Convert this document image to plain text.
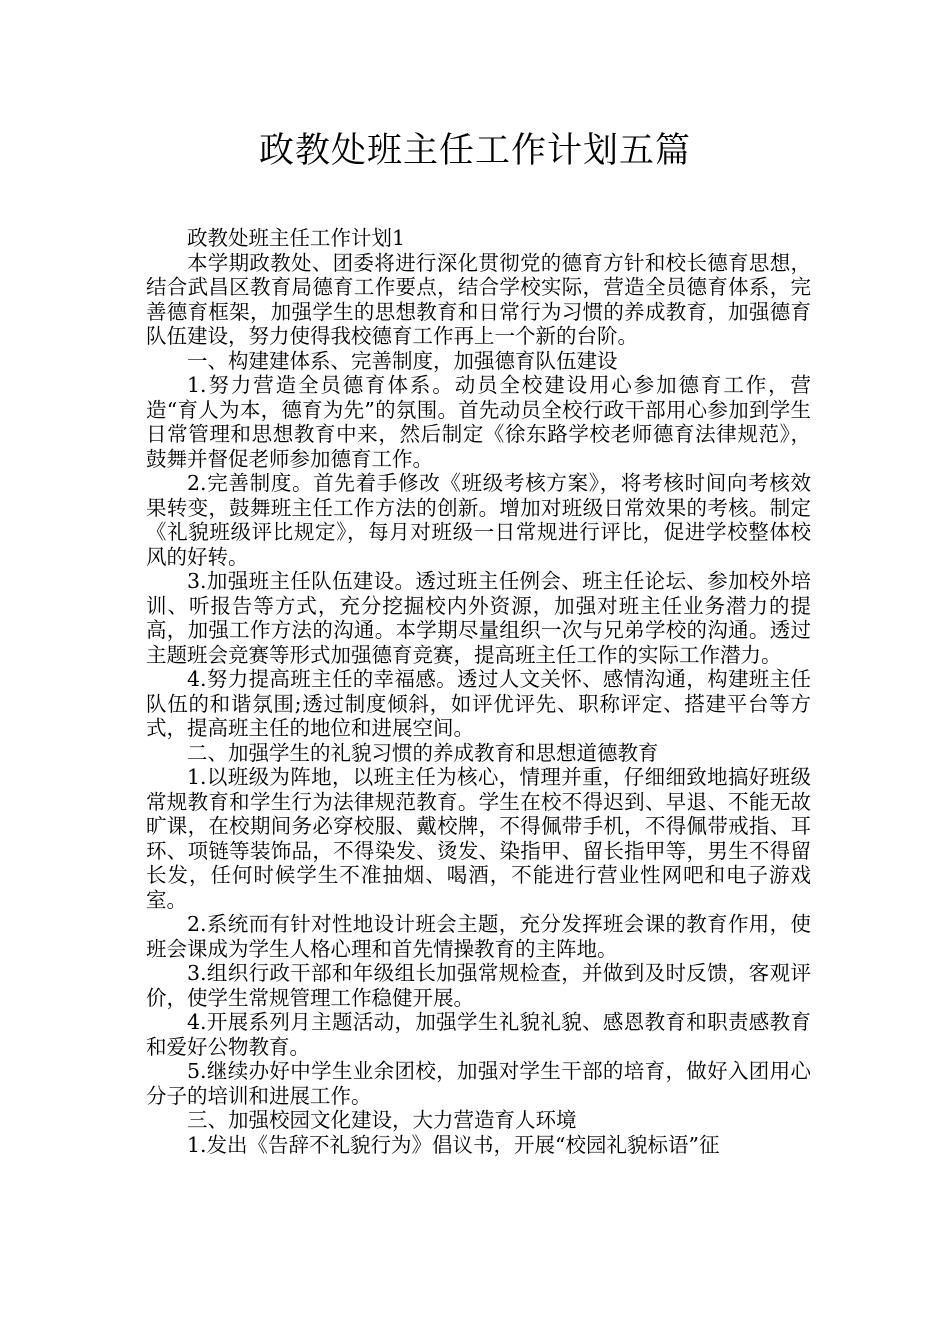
政教处班主任工作计划五篇

政教处班主任工作计划1

本学期政教处、团委将进行深化贯彻党的德育方针和校长德育思想，结合武昌区教育局德育工作要点，结合学校实际，营造全员德育体系，完善德育框架，加强学生的思想教育和日常行为习惯的养成教育，加强德育队伍建设，努力使得我校德育工作再上一个新的台阶。

一、构建建体系、完善制度，加强德育队伍建设

1.努力营造全员德育体系。动员全校建设用心参加德育工作，营造“育人为本，德育为先”的氛围。首先动员全校行政干部用心参加到学生日常管理和思想教育中来，然后制定《徐东路学校老师德育法律规范》，鼓舞并督促老师参加德育工作。

2.完善制度。首先着手修改《班级考核方案》，将考核时间向考核效果转变，鼓舞班主任工作方法的创新。增加对班级日常效果的考核。制定《礼貌班级评比规定》，每月对班级一日常规进行评比，促进学校整体校风的好转。

3.加强班主任队伍建设。透过班主任例会、班主任论坛、参加校外培训、听报告等方式，充分挖掘校内外资源，加强对班主任业务潜力的提高，加强工作方法的沟通。本学期尽量组织一次与兄弟学校的沟通。透过主题班会竞赛等形式加强德育竞赛，提高班主任工作的实际工作潜力。

4.努力提高班主任的幸福感。透过人文关怀、感情沟通，构建班主任队伍的和谐氛围;透过制度倾斜，如评优评先、职称评定、搭建平台等方式，提高班主任的地位和进展空间。

二、加强学生的礼貌习惯的养成教育和思想道德教育

1.以班级为阵地，以班主任为核心，情理并重，仔细细致地搞好班级常规教育和学生行为法律规范教育。学生在校不得迟到、早退、不能无故旷课，在校期间务必穿校服、戴校牌，不得佩带手机，不得佩带戒指、耳环、项链等装饰品，不得染发、烫发、染指甲、留长指甲等，男生不得留长发，任何时候学生不准抽烟、喝酒，不能进行营业性网吧和电子游戏室。

2.系统而有针对性地设计班会主题，充分发挥班会课的教育作用，使班会课成为学生人格心理和首先情操教育的主阵地。

3.组织行政干部和年级组长加强常规检查，并做到及时反馈，客观评价，使学生常规管理工作稳健开展。

4.开展系列月主题活动，加强学生礼貌礼貌、感恩教育和职责感教育和爱好公物教育。

5.继续办好中学生业余团校，加强对学生干部的培育，做好入团用心分子的培训和进展工作。

三、加强校园文化建设，大力营造育人环境

1.发出《告辞不礼貌行为》倡议书，开展“校园礼貌标语”征
